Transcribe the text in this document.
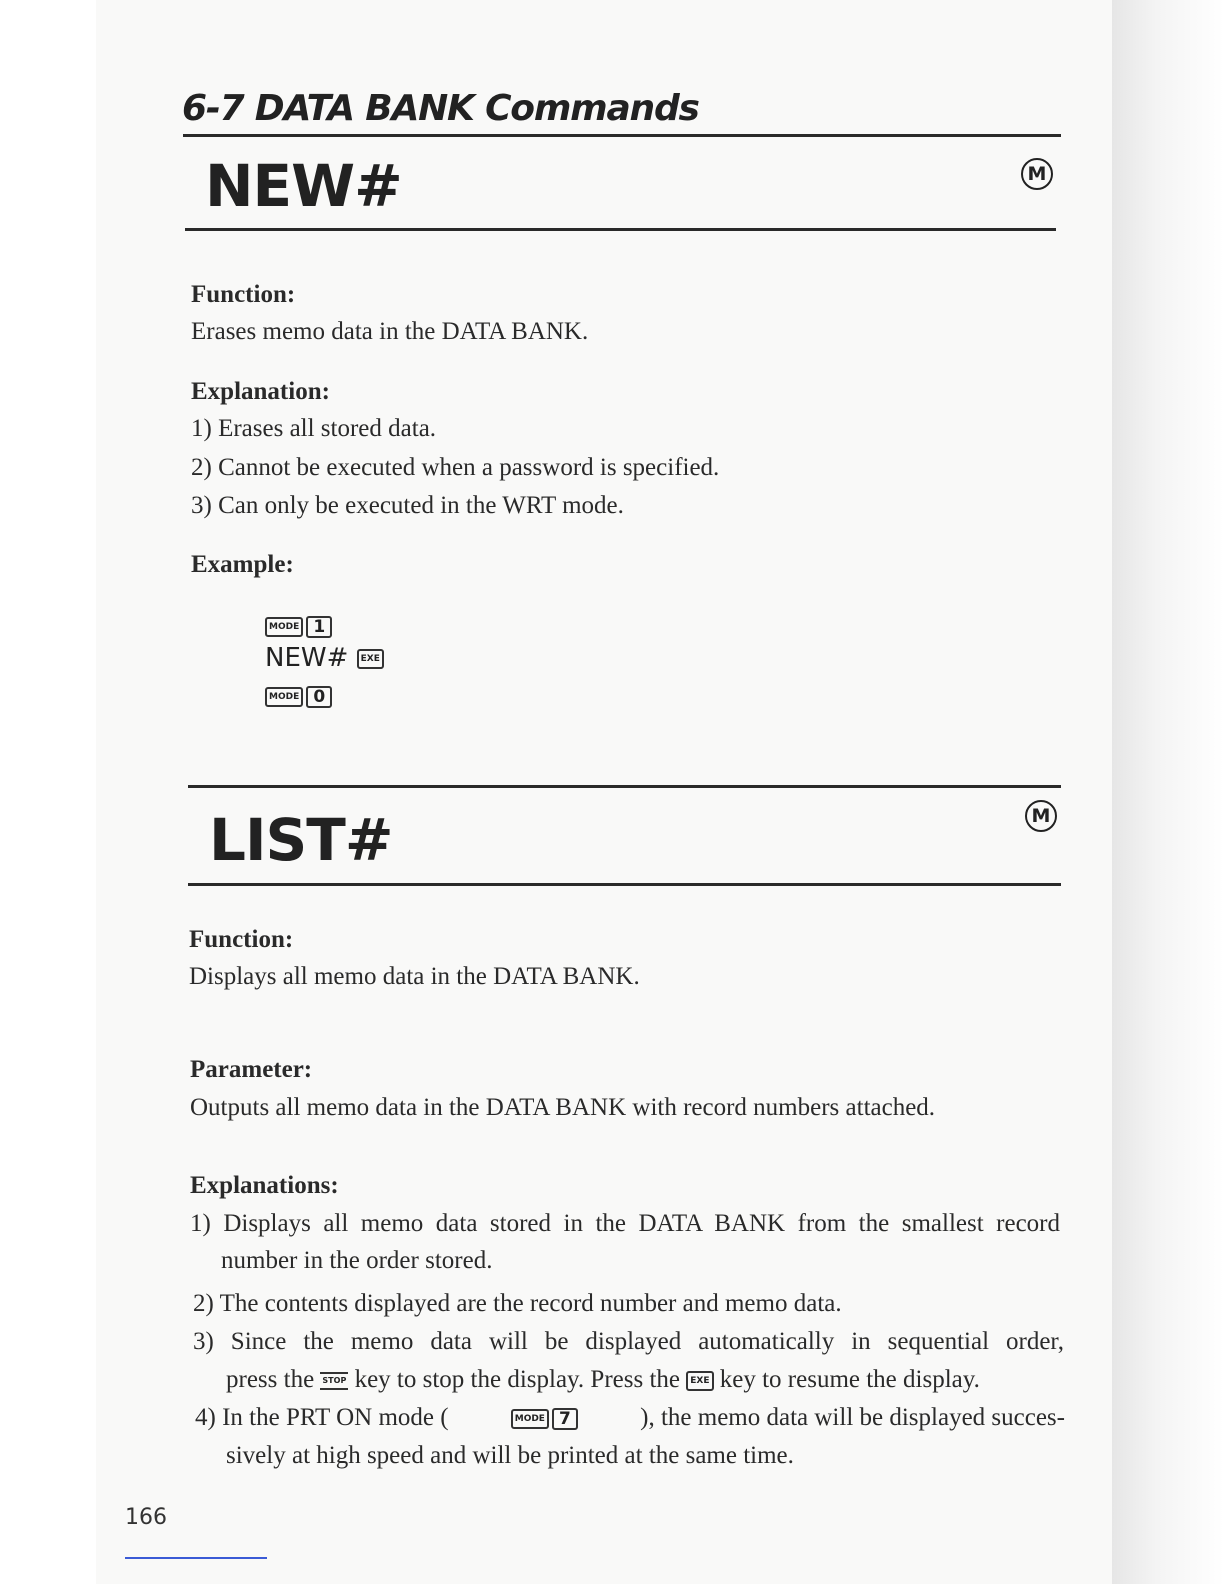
6-7 DATA BANK Commands
NEW#	M

Function:

Erases memo data in the DATA BANK.

Explanation:

1) Erases all stored data.

2) Cannot be executed when a password is specified.

3) Can only be executed in the WRT mode.

Example:

MODE 1
NEW# EXE
MODE 0
LIST#	M

Function:

Displays all memo data in the DATA BANK.

Parameter:

Outputs all memo data in the DATA BANK with record numbers attached.

Explanations:

1) Displays all memo data stored in the DATA BANK from the smallest record

number in the order stored.

2) The contents displayed are the record number and memo data.

3) Since the memo data will be displayed automatically in sequential order,

press the STOP key to stop the display. Press the EXE key to resume the display.
4) In the PRT ON mode (	MODE 7	), the memo data will be displayed succes-

sively at high speed and will be printed at the same time.

166
